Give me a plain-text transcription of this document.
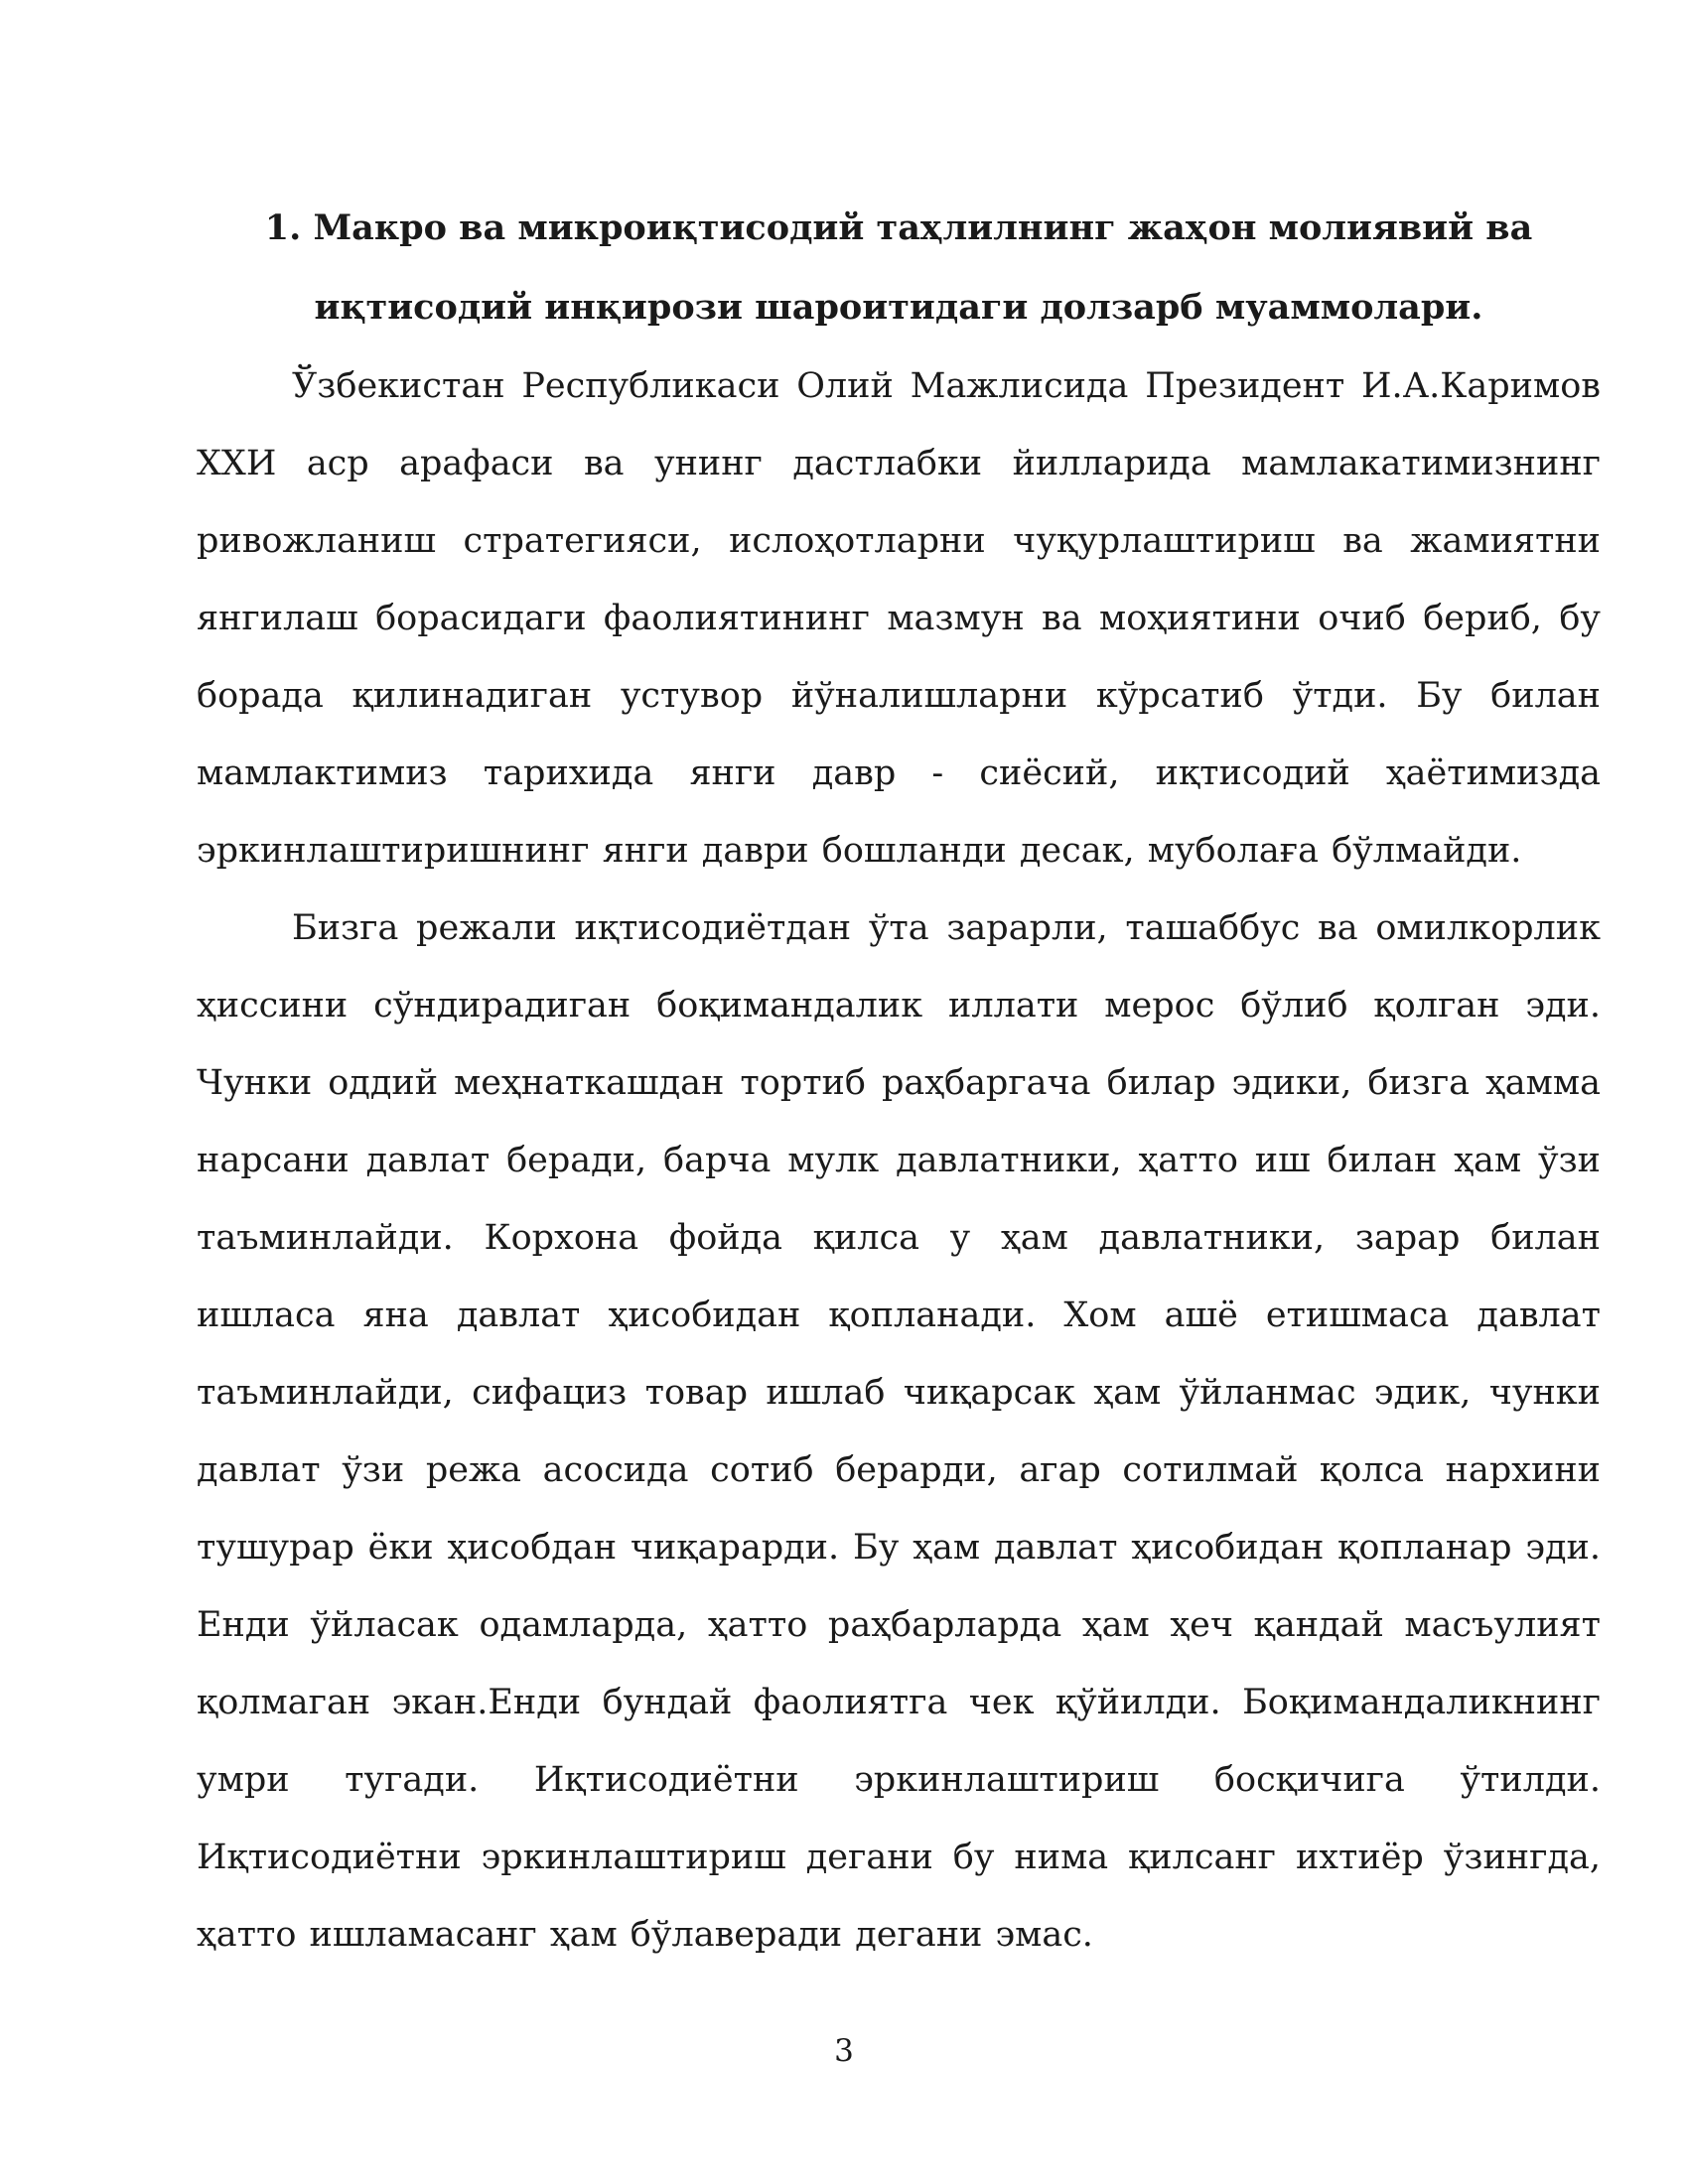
1. Макро ва микроиқтисодий таҳлилнинг жаҳон молиявий ва иқтисодий инқирози шароитидаги долзарб муаммолари.

Ўзбекистан Республикаси Олий Мажлисида Президент И.А.Каримов ХХИ аср арафаси ва унинг дастлабки йилларида мамлакатимизнинг ривожланиш стратегияси, ислоҳотларни чуқурлаштириш ва жамиятни янгилаш борасидаги фаолиятининг мазмун ва моҳиятини очиб бериб, бу борада қилинадиган устувор йўналишларни кўрсатиб ўтди. Бу билан мамлактимиз тарихида янги давр - сиёсий, иқтисодий ҳаётимизда эркинлаштиришнинг янги даври бошланди десак, муболаға бўлмайди.

Бизга режали иқтисодиётдан ўта зарарли, ташаббус ва омилкорлик ҳиссини сўндирадиган боқимандалик иллати мерос бўлиб қолган эди. Чунки оддий меҳнаткашдан тортиб раҳбаргача билар эдики, бизга ҳамма нарсани давлат беради, барча мулк давлатники, ҳатто иш билан ҳам ўзи таъминлайди. Корхона фойда қилса у ҳам давлатники, зарар билан ишласа яна давлат ҳисобидан қопланади. Хом ашё етишмаса давлат таъминлайди, сифациз товар ишлаб чиқарсак ҳам ўйланмас эдик, чунки давлат ўзи режа асосида сотиб берарди, агар сотилмай қолса нархини тушурар ёки ҳисобдан чиқарарди. Бу ҳам давлат ҳисобидан қопланар эди. Енди ўйласак одамларда, ҳатто раҳбарларда ҳам ҳеч қандай масъулият қолмаган экан.Енди бундай фаолиятга чек қўйилди. Боқимандаликнинг умри тугади. Иқтисодиётни эркинлаштириш босқичига ўтилди. Иқтисодиётни эркинлаштириш дегани бу нима қилсанг ихтиёр ўзингда, ҳатто ишламасанг ҳам бўлаверади дегани эмас.

3
